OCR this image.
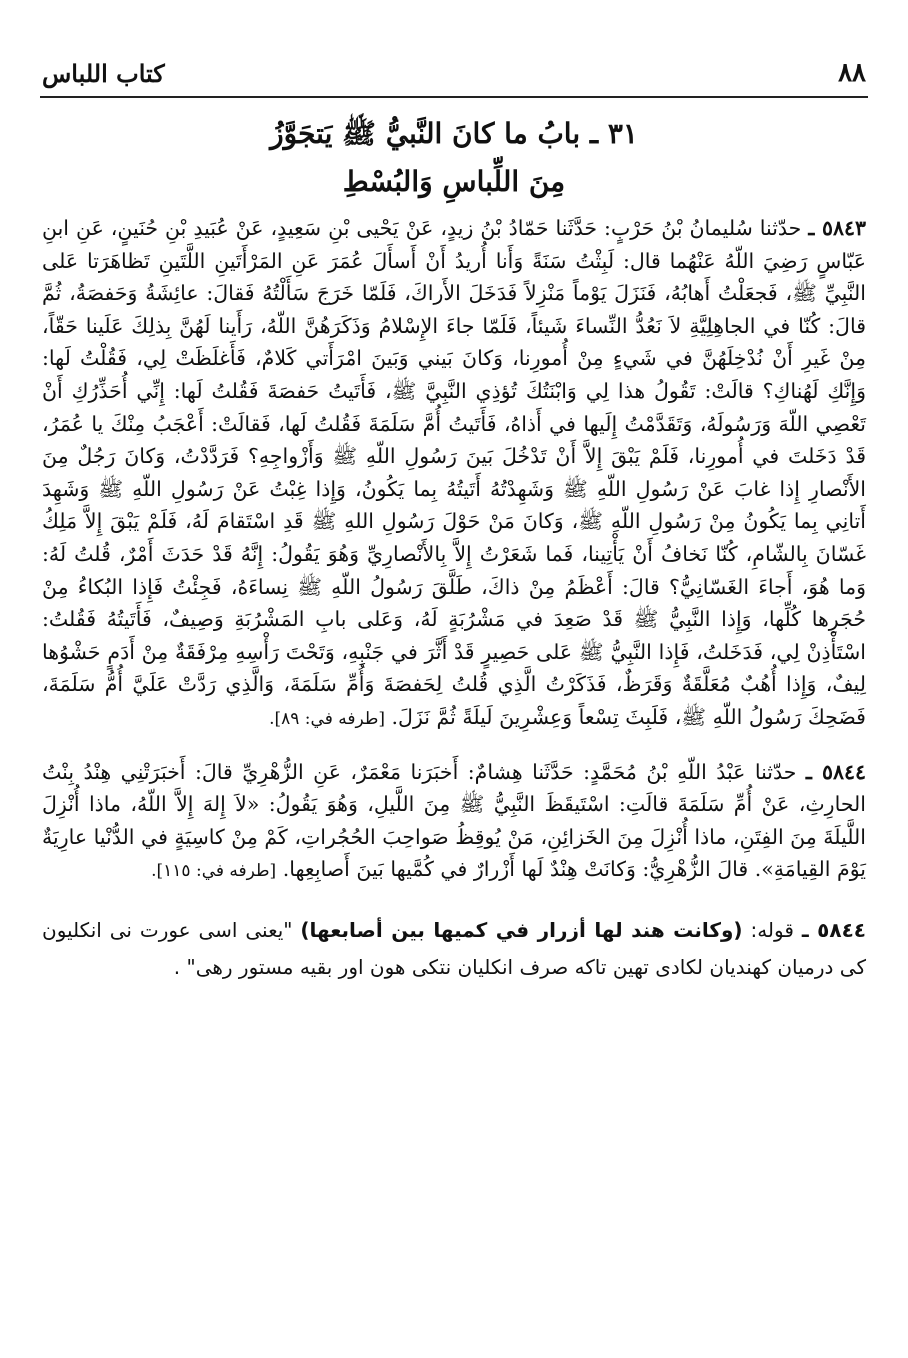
٨٨
كتاب اللباس
٣١ ـ بابُ ما كانَ النَّبيُّ ﷺ يَتجَوَّزُ
مِنَ اللِّباسِ وَالبُسْطِ

٥٨٤٣ ـ حدّثنا سُليمانُ بْنُ حَرْبٍ: حَدَّثَنا حَمّادُ بْنُ زيدٍ، عَنْ يَحْيى بْنِ سَعِيدٍ، عَنْ عُبَيدِ بْنِ حُنَينٍ، عَنِ ابنِ عَبّاسٍ رَضِيَ اللّهُ عَنْهُما قال: لَبِثْتُ سَنَةً وَأَنا أُريدُ أَنْ أَسأَلَ عُمَرَ عَنِ المَرْأَتَينِ اللَّتَينِ تَظاهَرَتا عَلى النَّبِيِّ ﷺ، فَجعَلْتُ أَهابُهُ، فَنَزَلَ يَوْماً مَنْزِلاً فَدَخَلَ الأَراكَ، فَلَمّا خَرَجَ سَأَلْتُهُ فَقالَ: عائِشَةُ وَحَفصَةُ، ثُمَّ قالَ: كُنّا في الجاهِلِيَّةِ لاَ نَعُدُّ النِّساءَ شَيئاً، فَلَمّا جاءَ الإِسْلامُ وَذَكَرَهُنَّ اللّهُ، رَأَينا لَهُنَّ بِذلِكَ عَلَينا حَقّاً، مِنْ غَيرِ أَنْ نُدْخِلَهُنَّ في شَيءٍ مِنْ أُمورِنا، وَكانَ بَيني وَبَينَ امْرَأَتي كَلامٌ، فَأَغلَظَتْ لِي، فَقُلْتُ لَها: وَإِنَّكِ لَهُناكِ؟ قالَتْ: تَقُولُ هذا لِي وَابْنَتُكَ تُؤذِي النَّبِيَّ ﷺ، فَأَتَيتُ حَفصَةَ فَقُلتُ لَها: إِنِّي أُحَذِّرُكِ أَنْ تَعْصِي اللّهَ وَرَسُولَهُ، وَتَقَدَّمْتُ إِلَيها في أَذاهُ، فَأَتَيتُ أُمَّ سَلَمَةَ فَقُلتُ لَها، فَقالَتْ: أَعْجَبُ مِنْكَ يا عُمَرُ، قَدْ دَخَلتَ في أُمورِنا، فَلَمْ يَبْقَ إِلاَّ أَنْ تَدْخُلَ بَينَ رَسُولِ اللّهِ ﷺ وَأَزْواجِهِ؟ فَرَدَّدْتُ، وَكانَ رَجُلٌ مِنَ الأَنْصارِ إِذا غابَ عَنْ رَسُولِ اللّهِ ﷺ وَشَهِدْتُهُ أَتَيتُهُ بِما يَكُونُ، وَإِذا غِبْتُ عَنْ رَسُولِ اللّهِ ﷺ وَشَهِدَ أَتانِي بِما يَكُونُ مِنْ رَسُولِ اللّهِ ﷺ، وَكانَ مَنْ حَوْلَ رَسُولِ اللهِ ﷺ قَدِ اسْتَقامَ لَهُ، فَلَمْ يَبْقَ إِلاَّ مَلِكُ غَسّانَ بِالشّامِ، كُنّا نَخافُ أَنْ يَأْتِينا، فَما شَعَرْتُ إِلاَّ بِالأَنْصارِيِّ وَهُوَ يَقُولُ: إِنَّهُ قَدْ حَدَثَ أَمْرٌ، قُلتُ لَهُ: وَما هُوَ، أَجاءَ الغَسّانِيُّ؟ قالَ: أَعْظَمُ مِنْ ذاكَ، طَلَّقَ رَسُولُ اللّهِ ﷺ نِساءَهُ، فَجِئْتُ فَإِذا البُكاءُ مِنْ حُجَرِها كُلِّها، وَإِذا النَّبِيُّ ﷺ قَدْ صَعِدَ في مَشْرُبَةٍ لَهُ، وَعَلى بابِ المَشْرُبَةِ وَصِيفٌ، فَأَتَيتُهُ فَقُلتُ: اسْتَأْذِنْ لِي، فَدَخَلتُ، فَإِذا النَّبِيُّ ﷺ عَلى حَصِيرٍ قَدْ أَثَّرَ في جَنْبِهِ، وَتَحْتَ رَأْسِهِ مِرْفَقَةٌ مِنْ أَدَمٍ حَشْوُها لِيفٌ، وَإِذا أُهُبٌ مُعَلَّقَةٌ وَقَرَظٌ، فَذَكَرْتُ الَّذِي قُلتُ لِحَفصَةَ وَأُمِّ سَلَمَةَ، وَالَّذِي رَدَّتْ عَلَيَّ أُمُّ سَلَمَةَ، فَضَحِكَ رَسُولُ اللّهِ ﷺ، فَلَبِثَ تِسْعاً وَعِشْرِينَ لَيلَةً ثُمَّ نَزَلَ. [طرفه في: ٨٩].

٥٨٤٤ ـ حدّثنا عَبْدُ اللّهِ بْنُ مُحَمَّدٍ: حَدَّثَنا هِشامٌ: أَخبَرَنا مَعْمَرٌ، عَنِ الزُّهْرِيِّ قالَ: أَخبَرَتْنِي هِنْدُ بِنْتُ الحارِثِ، عَنْ أُمِّ سَلَمَةَ قالَتِ: اسْتَيقَظَ النَّبِيُّ ﷺ مِنَ اللَّيلِ، وَهُوَ يَقُولُ: «لاَ إِلهَ إِلاَّ اللّهُ، ماذا أُنْزِلَ اللَّيلَةَ مِنَ الفِتَنِ، ماذا أُنْزِلَ مِنَ الخَزائِنِ، مَنْ يُوقِظُ صَواحِبَ الحُجُراتِ، كَمْ مِنْ كاسِيَةٍ في الدُّنْيا عارِيَةٌ يَوْمَ القِيامَةِ». قالَ الزُّهْرِيُّ: وَكانَتْ هِنْدٌ لَها أَزْرارٌ في كُمَّيها بَينَ أَصابِعِها. [طرفه في: ١١٥].

٥٨٤٤ ـ قوله: (وكانت هند لها أزرار في كميها بين أصابعها) "يعنى اسى عورت نى انكليون كى درميان كهنديان لكادى تهين تاكه صرف انكليان نتكى هون اور بقيه مستور رهى" .
